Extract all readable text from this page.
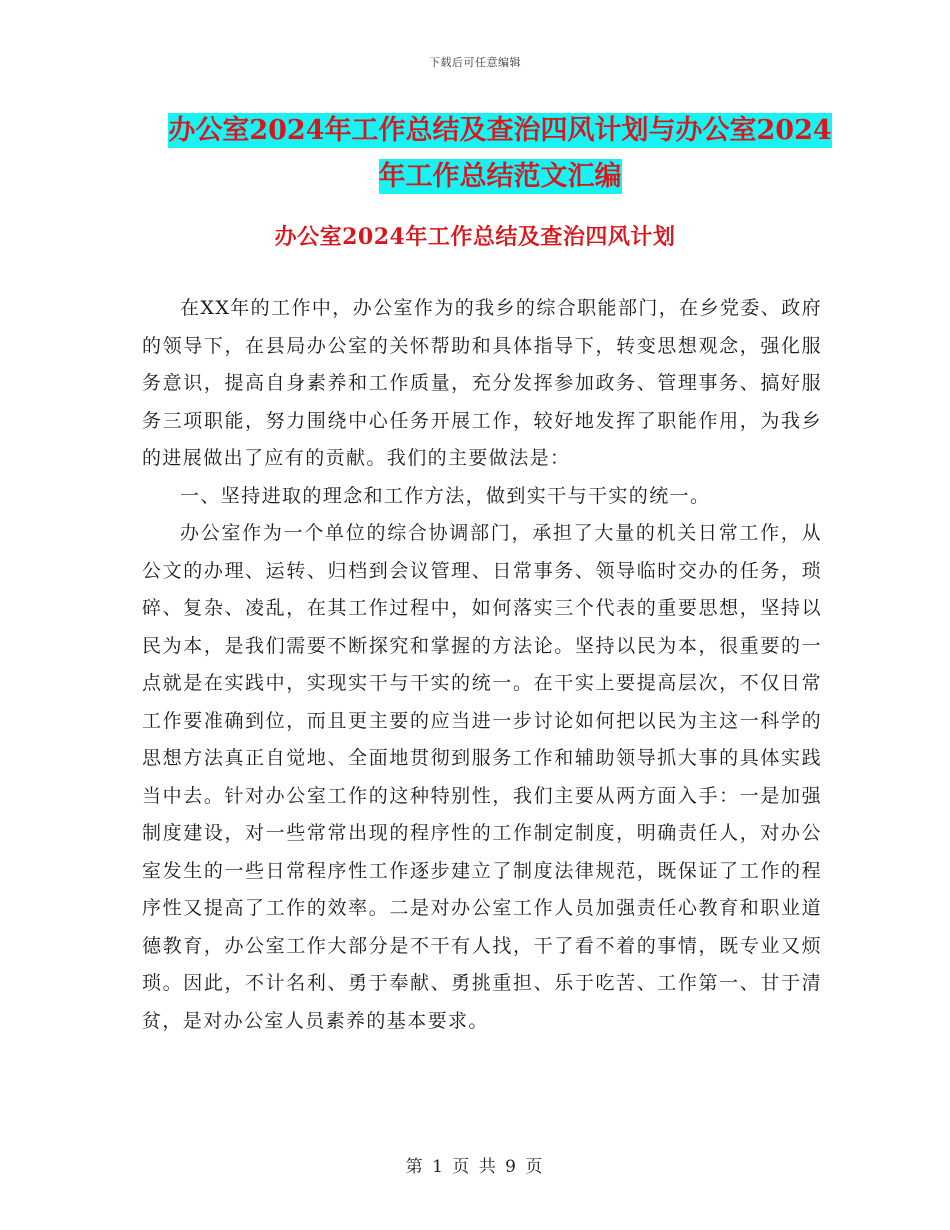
下载后可任意编辑
办公室2024年工作总结及查治四风计划与办公室2024
年工作总结范文汇编
办公室2024年工作总结及查治四风计划

在XX年的工作中，办公室作为的我乡的综合职能部门，在乡党委、政府的领导下，在县局办公室的关怀帮助和具体指导下，转变思想观念，强化服务意识，提高自身素养和工作质量，充分发挥参加政务、管理事务、搞好服务三项职能，努力围绕中心任务开展工作，较好地发挥了职能作用，为我乡的进展做出了应有的贡献。我们的主要做法是：

一、坚持进取的理念和工作方法，做到实干与干实的统一。

办公室作为一个单位的综合协调部门，承担了大量的机关日常工作，从公文的办理、运转、归档到会议管理、日常事务、领导临时交办的任务，琐碎、复杂、凌乱，在其工作过程中，如何落实三个代表的重要思想，坚持以民为本，是我们需要不断探究和掌握的方法论。坚持以民为本，很重要的一点就是在实践中，实现实干与干实的统一。在干实上要提高层次，不仅日常工作要准确到位，而且更主要的应当进一步讨论如何把以民为主这一科学的思想方法真正自觉地、全面地贯彻到服务工作和辅助领导抓大事的具体实践当中去。针对办公室工作的这种特别性，我们主要从两方面入手：一是加强制度建设，对一些常常出现的程序性的工作制定制度，明确责任人，对办公室发生的一些日常程序性工作逐步建立了制度法律规范，既保证了工作的程序性又提高了工作的效率。二是对办公室工作人员加强责任心教育和职业道德教育，办公室工作大部分是不干有人找，干了看不着的事情，既专业又烦琐。因此，不计名利、勇于奉献、勇挑重担、乐于吃苦、工作第一、甘于清贫，是对办公室人员素养的基本要求。

第 1 页 共 9 页
